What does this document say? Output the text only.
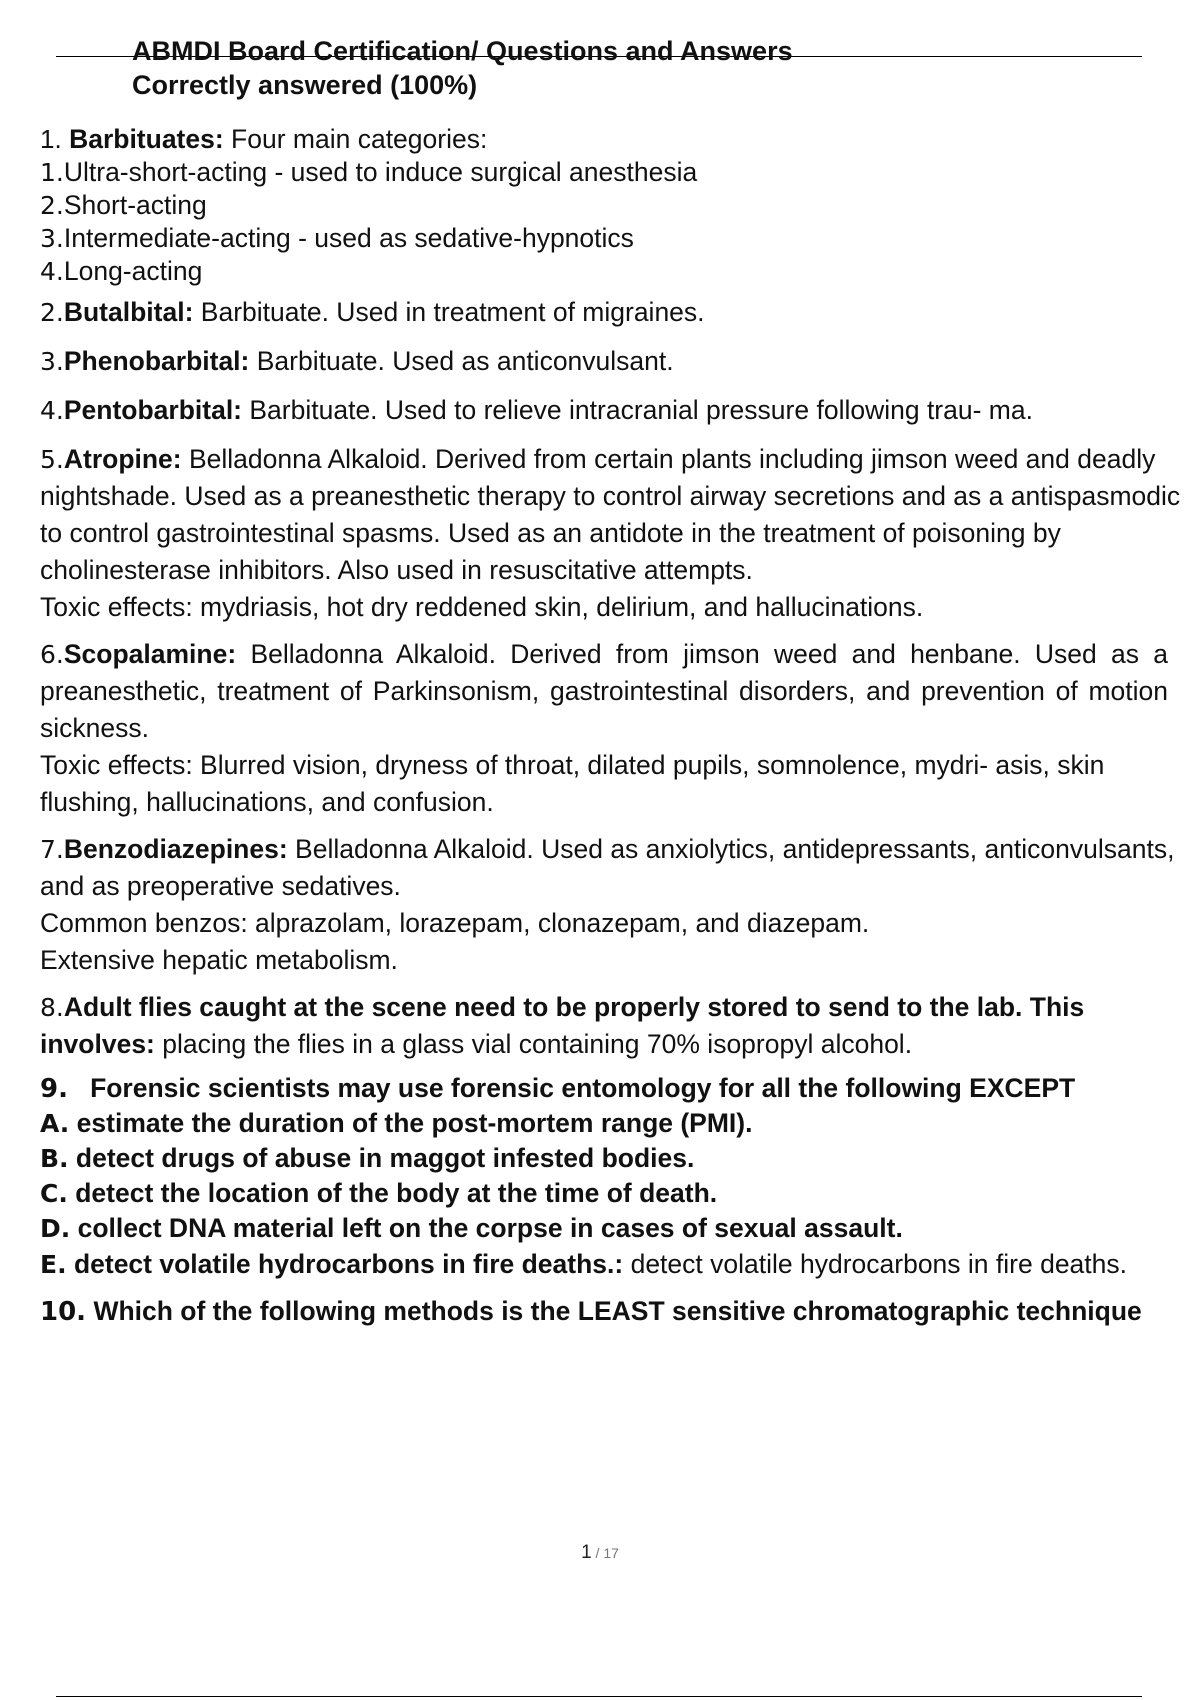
ABMDI Board Certification/ Questions and Answers
Correctly answered (100%)

1. Barbituates: Four main categories:

1.Ultra-short-acting - used to induce surgical anesthesia

2.Short-acting

3.Intermediate-acting - used as sedative-hypnotics

4.Long-acting

2.Butalbital: Barbituate. Used in treatment of migraines.

3.Phenobarbital: Barbituate. Used as anticonvulsant.

4.Pentobarbital: Barbituate. Used to relieve intracranial pressure following trau- ma.

5.Atropine: Belladonna Alkaloid. Derived from certain plants including jimson weed and deadly nightshade. Used as a preanesthetic therapy to control airway secretions and as a antispasmodic to control gastrointestinal spasms. Used as an antidote in the treatment of poisoning by cholinesterase inhibitors. Also used in resuscitative attempts.

Toxic effects: mydriasis, hot dry reddened skin, delirium, and hallucinations.

6.Scopalamine: Belladonna Alkaloid. Derived from jimson weed and henbane. Used as a preanesthetic, treatment of Parkinsonism, gastrointestinal disorders, and prevention of motion sickness.

Toxic effects: Blurred vision, dryness of throat, dilated pupils, somnolence, mydri- asis, skin flushing, hallucinations, and confusion.

7.Benzodiazepines: Belladonna Alkaloid. Used as anxiolytics, antidepressants, anticonvulsants, and as preoperative sedatives.

Common benzos: alprazolam, lorazepam, clonazepam, and diazepam.

Extensive hepatic metabolism.

8.Adult flies caught at the scene need to be properly stored to send to the lab. This involves: placing the flies in a glass vial containing 70% isopropyl alcohol.

9. Forensic scientists may use forensic entomology for all the following EXCEPT

A. estimate the duration of the post-mortem range (PMI).

B. detect drugs of abuse in maggot infested bodies.

C. detect the location of the body at the time of death.

D. collect DNA material left on the corpse in cases of sexual assault.

E. detect volatile hydrocarbons in fire deaths.: detect volatile hydrocarbons in fire deaths.

10. Which of the following methods is the LEAST sensitive chromatographic technique

1 / 17
